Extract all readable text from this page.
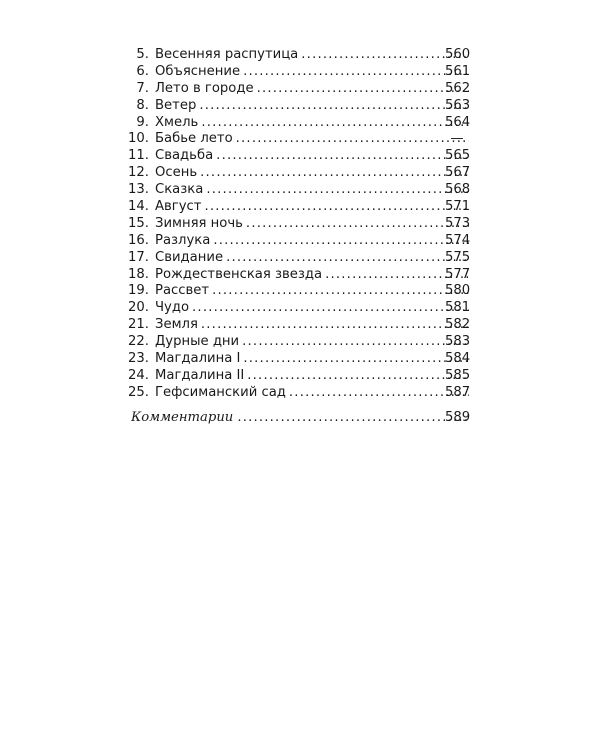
5. Весенняя распутица .....	560
6. Объяснение .....	561
7. Лето в городе .....	562
8. Ветер .....	563
9. Хмель .....	564
10. Бабье лето .....	—
11. Свадьба .....	565
12. Осень .....	567
13. Сказка .....	568
14. Август .....	571
15. Зимняя ночь .....	573
16. Разлука .....	574
17. Свидание .....	575
18. Рождественская звезда .....	577
19. Рассвет .....	580
20. Чудо .....	581
21. Земля .....	582
22. Дурные дни .....	583
23. Магдалина I .....	584
24. Магдалина II .....	585
25. Гефсиманский сад .....	587
Комментарии .....	589
